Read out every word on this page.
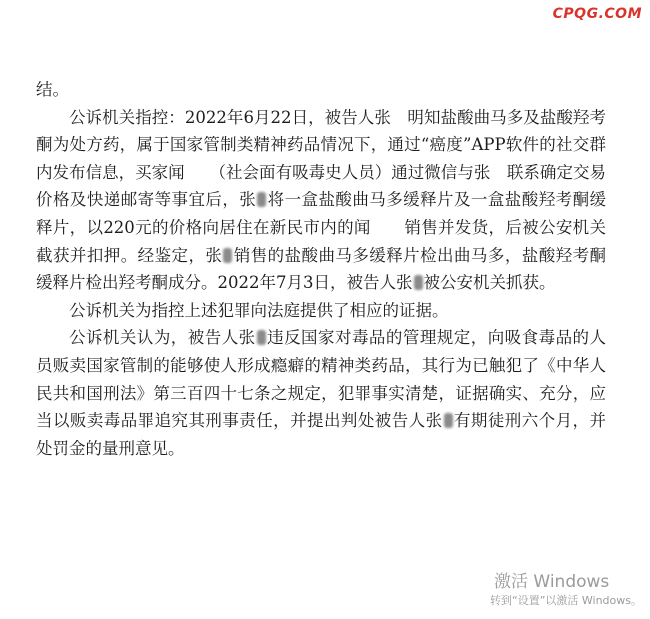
CPQG.COM

结。

公诉机关指控：2022年6月22日，被告人张　明知盐酸曲马多及盐酸羟考酮为处方药，属于国家管制类精神药品情况下，通过“癌度”APP软件的社交群内发布信息，买家闻　　（社会面有吸毒史人员）通过微信与张　联系确定交易价格及快递邮寄等事宜后，张 将一盒盐酸曲马多缓释片及一盒盐酸羟考酮缓释片，以220元的价格向居住在新民市内的闻　　销售并发货，后被公安机关截获并扣押。经鉴定，张 销售的盐酸曲马多缓释片检出曲马多，盐酸羟考酮缓释片检出羟考酮成分。2022年7月3日，被告人张 被公安机关抓获。

公诉机关为指控上述犯罪向法庭提供了相应的证据。

公诉机关认为，被告人张 违反国家对毒品的管理规定，向吸食毒品的人员贩卖国家管制的能够使人形成瘾癖的精神类药品，其行为已触犯了《中华人民共和国刑法》第三百四十七条之规定，犯罪事实清楚，证据确实、充分，应当以贩卖毒品罪追究其刑事责任，并提出判处被告人张 有期徒刑六个月，并处罚金的量刑意见。

激活 Windows
转到“设置”以激活 Windows。
